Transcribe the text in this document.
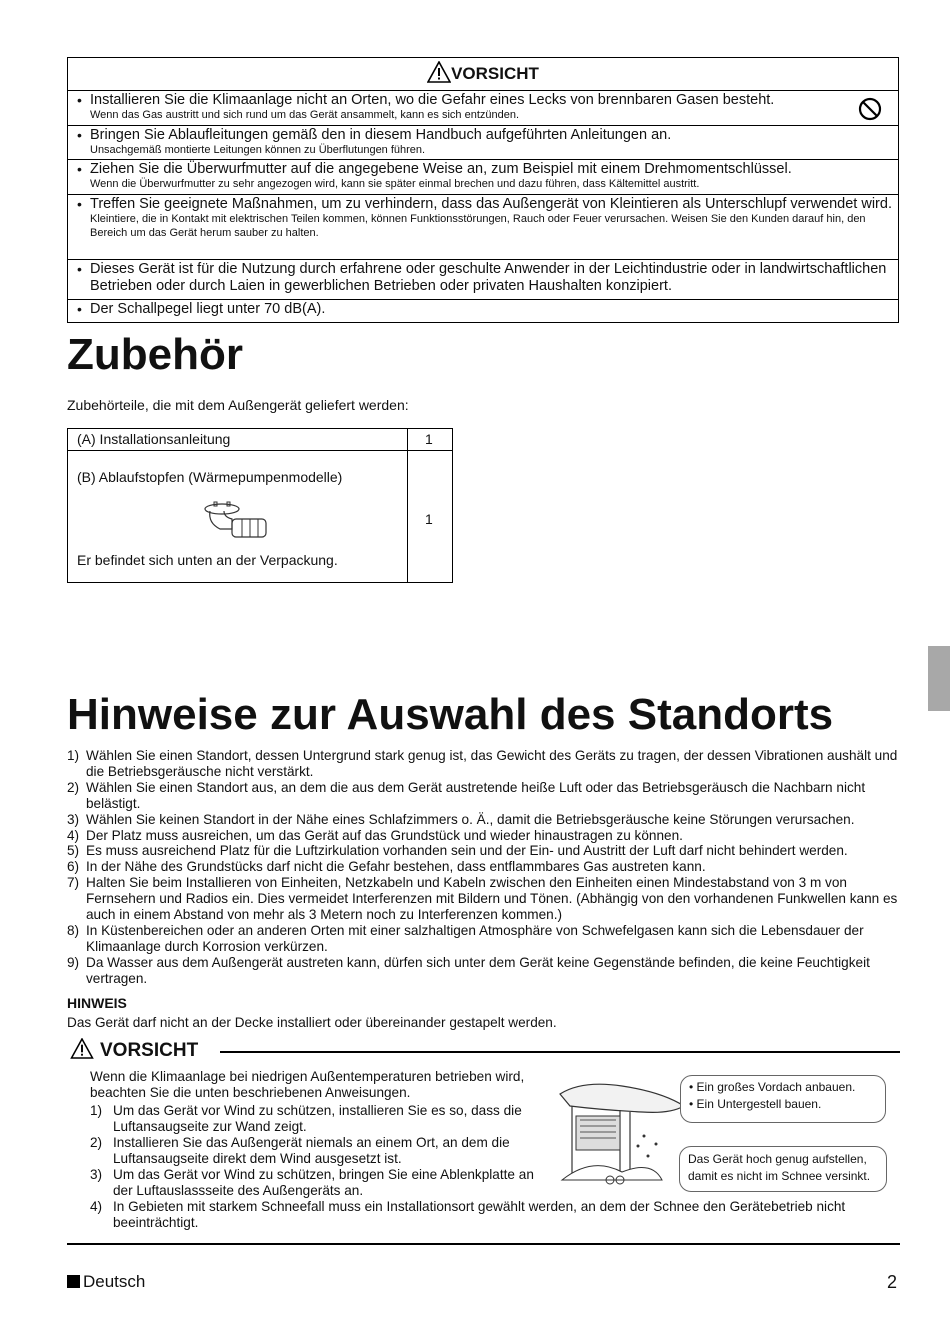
VORSICHT
• Installieren Sie die Klimaanlage nicht an Orten, wo die Gefahr eines Lecks von brennbaren Gasen besteht.
Wenn das Gas austritt und sich rund um das Gerät ansammelt, kann es sich entzünden.
• Bringen Sie Ablaufleitungen gemäß den in diesem Handbuch aufgeführten Anleitungen an.
Unsachgemäß montierte Leitungen können zu Überflutungen führen.
• Ziehen Sie die Überwurfmutter auf die angegebene Weise an, zum Beispiel mit einem Drehmomentschlüssel.
Wenn die Überwurfmutter zu sehr angezogen wird, kann sie später einmal brechen und dazu führen, dass Kältemittel austritt.
• Treffen Sie geeignete Maßnahmen, um zu verhindern, dass das Außengerät von Kleintieren als Unterschlupf verwendet wird.
Kleintiere, die in Kontakt mit elektrischen Teilen kommen, können Funktionsstörungen, Rauch oder Feuer verursachen. Weisen Sie den Kunden darauf hin, den Bereich um das Gerät herum sauber zu halten.
• Dieses Gerät ist für die Nutzung durch erfahrene oder geschulte Anwender in der Leichtindustrie oder in landwirtschaftlichen Betrieben oder durch Laien in gewerblichen Betrieben oder privaten Haushalten konzipiert.
• Der Schallpegel liegt unter 70 dB(A).
Zubehör
Zubehörteile, die mit dem Außengerät geliefert werden:
(A) Installationsanleitung	1
(B) Ablaufstopfen (Wärmepumpenmodelle)
1
Er befindet sich unten an der Verpackung.
Hinweise zur Auswahl des Standorts
1) Wählen Sie einen Standort, dessen Untergrund stark genug ist, das Gewicht des Geräts zu tragen, der dessen Vibrationen aushält und die Betriebsgeräusche nicht verstärkt.
2) Wählen Sie einen Standort aus, an dem die aus dem Gerät austretende heiße Luft oder das Betriebsgeräusch die Nachbarn nicht belästigt.
3) Wählen Sie keinen Standort in der Nähe eines Schlafzimmers o. Ä., damit die Betriebsgeräusche keine Störungen verursachen.
4) Der Platz muss ausreichen, um das Gerät auf das Grundstück und wieder hinaustragen zu können.
5) Es muss ausreichend Platz für die Luftzirkulation vorhanden sein und der Ein- und Austritt der Luft darf nicht behindert werden.
6) In der Nähe des Grundstücks darf nicht die Gefahr bestehen, dass entflammbares Gas austreten kann.
7) Halten Sie beim Installieren von Einheiten, Netzkabeln und Kabeln zwischen den Einheiten einen Mindestabstand von 3 m von Fernsehern und Radios ein. Dies vermeidet Interferenzen mit Bildern und Tönen. (Abhängig von den vorhandenen Funkwellen kann es auch in einem Abstand von mehr als 3 Metern noch zu Interferenzen kommen.)
8) In Küstenbereichen oder an anderen Orten mit einer salzhaltigen Atmosphäre von Schwefelgasen kann sich die Lebensdauer der Klimaanlage durch Korrosion verkürzen.
9) Da Wasser aus dem Außengerät austreten kann, dürfen sich unter dem Gerät keine Gegenstände befinden, die keine Feuchtigkeit vertragen.
HINWEIS
Das Gerät darf nicht an der Decke installiert oder übereinander gestapelt werden.
VORSICHT
Wenn die Klimaanlage bei niedrigen Außentemperaturen betrieben wird, beachten Sie die unten beschriebenen Anweisungen.
1) Um das Gerät vor Wind zu schützen, installieren Sie es so, dass die Luftansaugseite zur Wand zeigt.
2) Installieren Sie das Außengerät niemals an einem Ort, an dem die Luftansaugseite direkt dem Wind ausgesetzt ist.
3) Um das Gerät vor Wind zu schützen, bringen Sie eine Ablenkplatte an der Luftauslassseite des Außengeräts an.
4) In Gebieten mit starkem Schneefall muss ein Installationsort gewählt werden, an dem der Schnee den Gerätebetrieb nicht beeinträchtigt.
• Ein großes Vordach anbauen.
• Ein Untergestell bauen.
Das Gerät hoch genug aufstellen,
damit es nicht im Schnee versinkt.
Deutsch	2
